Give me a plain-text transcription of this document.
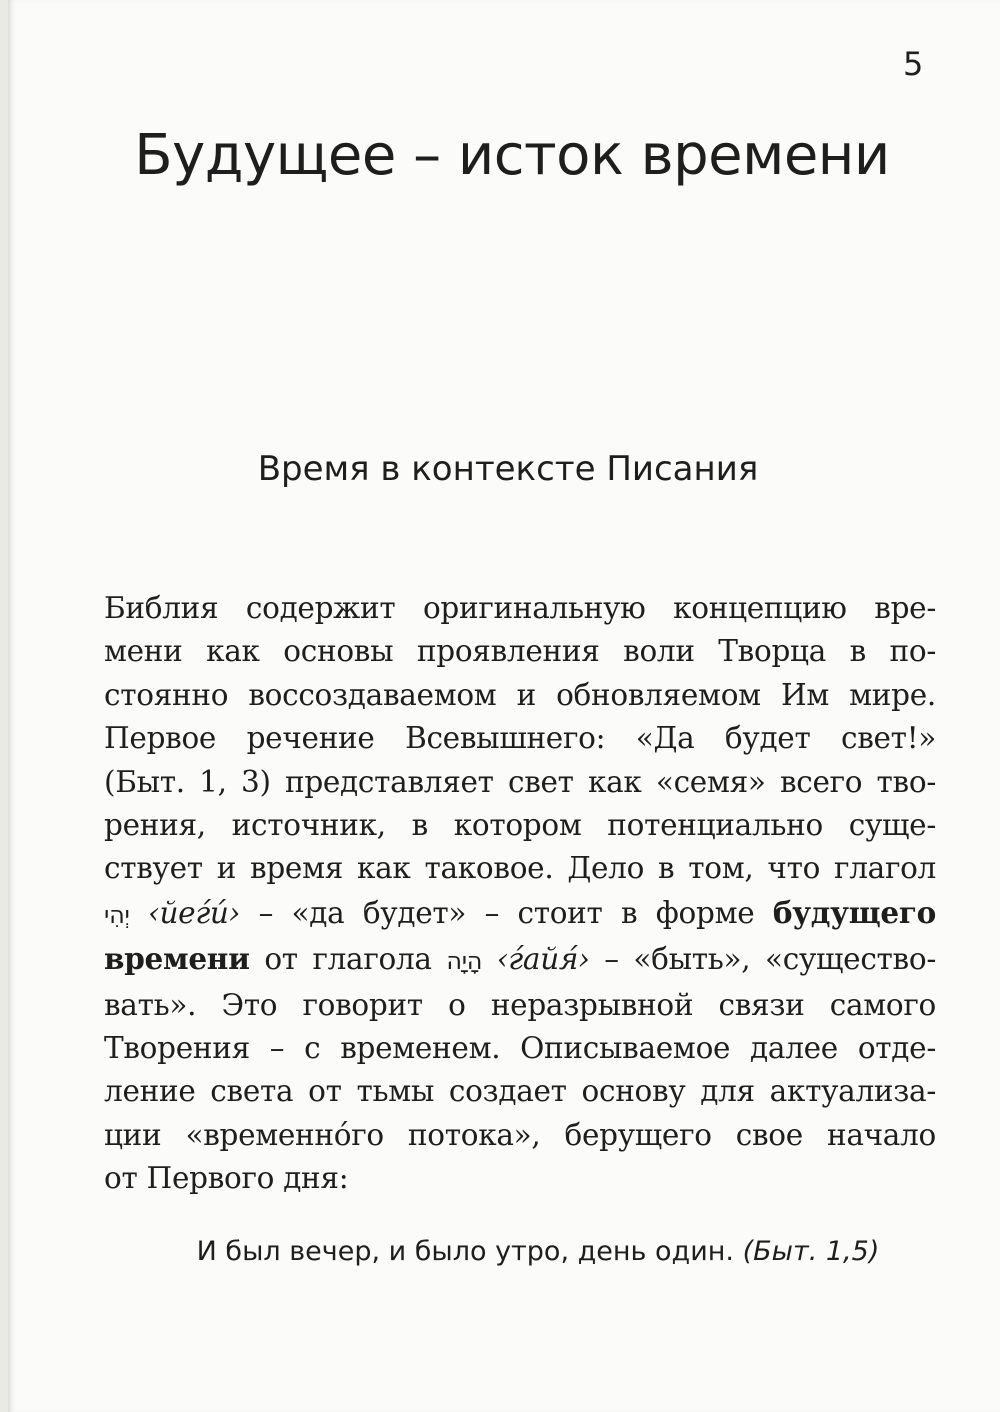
5
Будущее – исток времени
Время в контексте Писания

Библия содержит оригинальную концепцию вре-
мени как основы проявления воли Творца в по-
стоянно воссоздаваемом и обновляемом Им мире.
Первое речение Всевышнего: «Да будет свет!»
(Быт. 1, 3) представляет свет как «семя» всего тво-
рения, источник, в котором потенциально суще-
ствует и время как таковое. Дело в том, что глагол
יְהִי ‹йеѓú› – «да будет» – стоит в форме будущего
времени от глагола הָיָה ‹ѓайя́› – «быть», «существо-
вать». Это говорит о неразрывной связи самого
Творения – с временем. Описываемое далее отде-
ление света от тьмы создает основу для актуализа-
ции «временно́го потока», берущего свое начало
от Первого дня:

И был вечер, и было утро, день один. (Быт. 1,5)
